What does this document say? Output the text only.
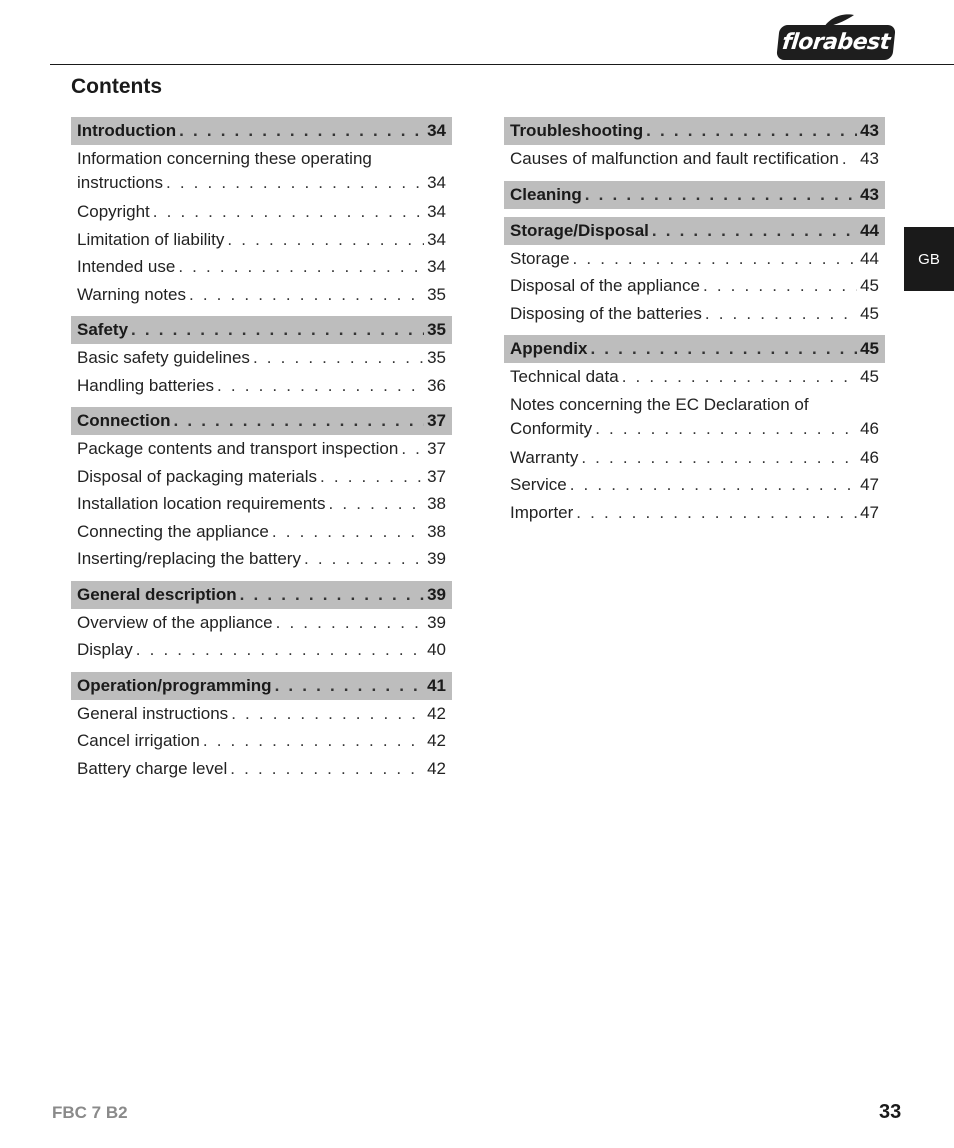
florabest
Contents
GB
Introduction . . .	34
Information concerning these operating
instructions . . .	34
Copyright . . .	34
Limitation of liability . . .	34
Intended use . . .	34
Warning notes . . .	35
Safety . . .	35
Basic safety guidelines . . .	35
Handling batteries . . .	36
Connection . . .	37
Package contents and transport inspection . . . 37
Disposal of packaging materials . . .	37
Installation location requirements . . .	38
Connecting the appliance . . .	38
Inserting/replacing the battery . . .	39
General description . . .	39
Overview of the appliance . . .	39
Display . . .	40
Operation/programming . . .	41
General instructions . . .	42
Cancel irrigation . . .	42
Battery charge level . . .	42
Troubleshooting . . .	43
Causes of malfunction and fault rectification . . . 43
Cleaning . . .	43
Storage/Disposal . . .	44
Storage . . .	44
Disposal of the appliance . . .	45
Disposing of the batteries . . .	45
Appendix . . .	45
Technical data . . .	45
Notes concerning the EC Declaration of
Conformity . . .	46
Warranty . . .	46
Service . . .	47
Importer . . .	47
FBC 7 B2	33
